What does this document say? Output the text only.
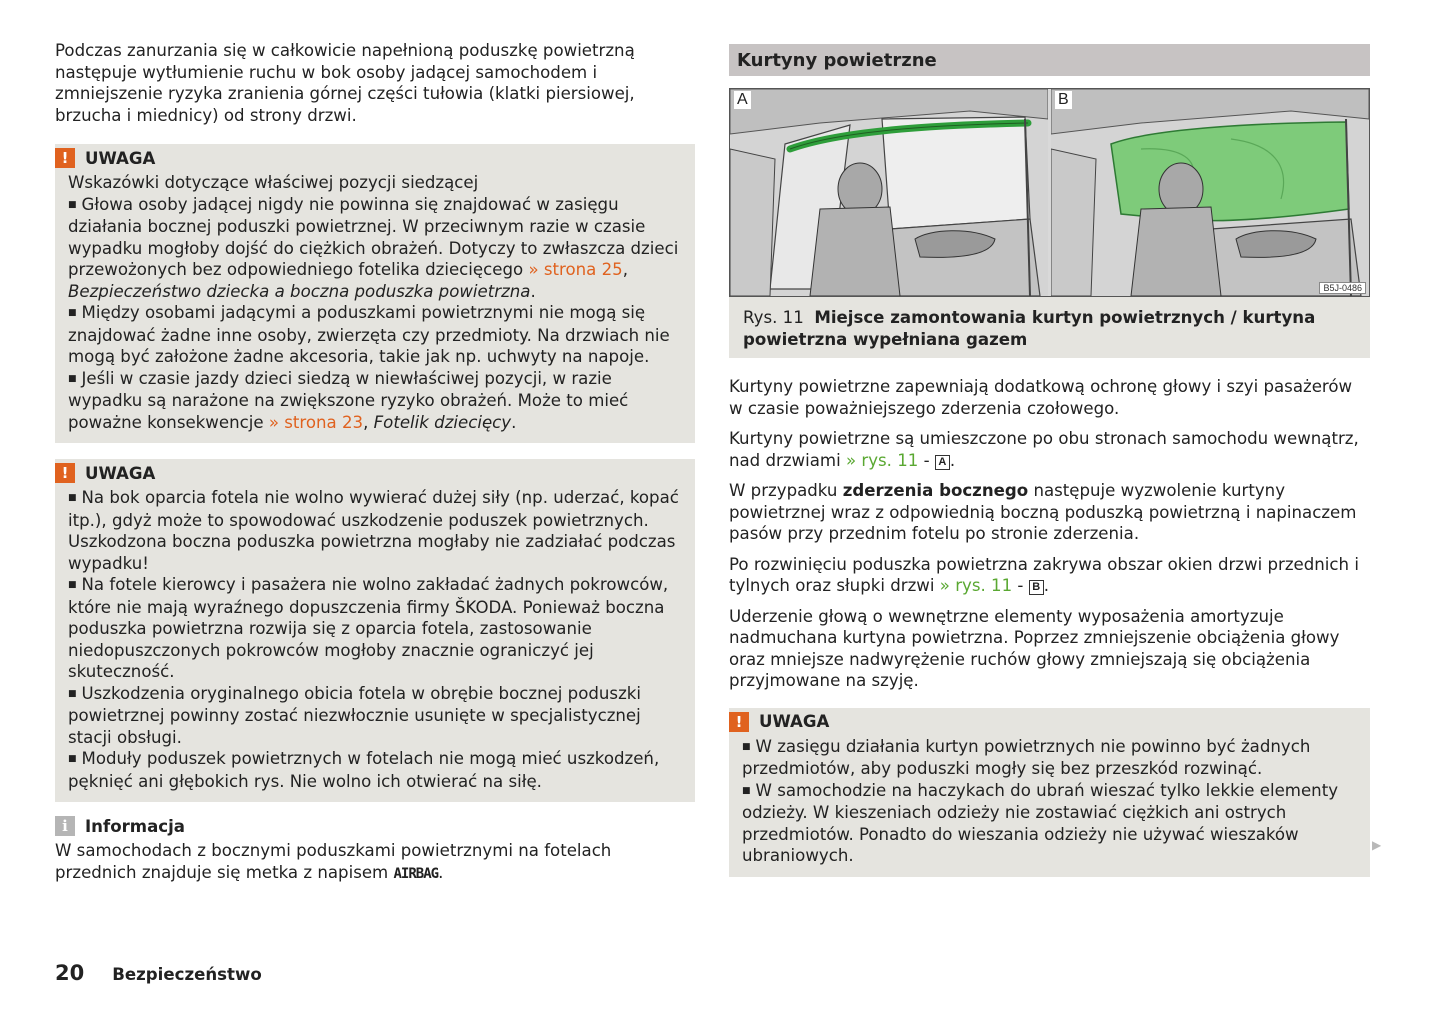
Podczas zanurzania się w całkowicie napełnioną poduszkę powietrzną następuje wytłumienie ruchu w bok osoby jadącej samochodem i zmniejszenie ryzyka zranienia górnej części tułowia (klatki piersiowej, brzucha i miednicy) od strony drzwi.

! UWAGA

Wskazówki dotyczące właściwej pozycji siedzącej

■ Głowa osoby jadącej nigdy nie powinna się znajdować w zasięgu działania bocznej poduszki powietrznej. W przeciwnym razie w czasie wypadku mogłoby dojść do ciężkich obrażeń. Dotyczy to zwłaszcza dzieci przewożonych bez odpowiedniego fotelika dziecięcego » strona 25, Bezpieczeństwo dziecka a boczna poduszka powietrzna.

■ Między osobami jadącymi a poduszkami powietrznymi nie mogą się znajdować żadne inne osoby, zwierzęta czy przedmioty. Na drzwiach nie mogą być założone żadne akcesoria, takie jak np. uchwyty na napoje.

■ Jeśli w czasie jazdy dzieci siedzą w niewłaściwej pozycji, w razie wypadku są narażone na zwiększone ryzyko obrażeń. Może to mieć poważne konsekwencje » strona 23, Fotelik dziecięcy.

! UWAGA

■ Na bok oparcia fotela nie wolno wywierać dużej siły (np. uderzać, kopać itp.), gdyż może to spowodować uszkodzenie poduszek powietrznych. Uszkodzona boczna poduszka powietrzna mogłaby nie zadziałać podczas wypadku!

■ Na fotele kierowcy i pasażera nie wolno zakładać żadnych pokrowców, które nie mają wyraźnego dopuszczenia firmy ŠKODA. Ponieważ boczna poduszka powietrzna rozwija się z oparcia fotela, zastosowanie niedopuszczonych pokrowców mogłoby znacznie ograniczyć jej skuteczność.

■ Uszkodzenia oryginalnego obicia fotela w obrębie bocznej poduszki powietrznej powinny zostać niezwłocznie usunięte w specjalistycznej stacji obsługi.

■ Moduły poduszek powietrznych w fotelach nie mogą mieć uszkodzeń, pęknięć ani głębokich rys. Nie wolno ich otwierać na siłę.

i	Informacja

W samochodach z bocznymi poduszkami powietrznymi na fotelach przednich znajduje się metka z napisem AIRBAG.

Kurtyny powietrzne
A	B
B5J-0486
Rys. 11 Miejsce zamontowania kurtyn powietrznych / kurtyna powietrzna wypełniana gazem

Kurtyny powietrzne zapewniają dodatkową ochronę głowy i szyi pasażerów w czasie poważniejszego zderzenia czołowego.

Kurtyny powietrzne są umieszczone po obu stronach samochodu wewnątrz, nad drzwiami » rys. 11 - A .

W przypadku zderzenia bocznego następuje wyzwolenie kurtyny powietrznej wraz z odpowiednią boczną poduszką powietrzną i napinaczem pasów przy przednim fotelu po stronie zderzenia.

Po rozwinięciu poduszka powietrzna zakrywa obszar okien drzwi przednich i tylnych oraz słupki drzwi » rys. 11 - B .

Uderzenie głową o wewnętrzne elementy wyposażenia amortyzuje nadmuchana kurtyna powietrzna. Poprzez zmniejszenie obciążenia głowy oraz mniejsze nadwyrężenie ruchów głowy zmniejszają się obciążenia przyjmowane na szyję.

! UWAGA

■ W zasięgu działania kurtyn powietrznych nie powinno być żadnych przedmiotów, aby poduszki mogły się bez przeszkód rozwinąć.

■ W samochodzie na haczykach do ubrań wieszać tylko lekkie elementy odzieży. W kieszeniach odzieży nie zostawiać ciężkich ani ostrych przedmiotów. Ponadto do wieszania odzieży nie używać wieszaków ubraniowych.

▶
20 Bezpieczeństwo
